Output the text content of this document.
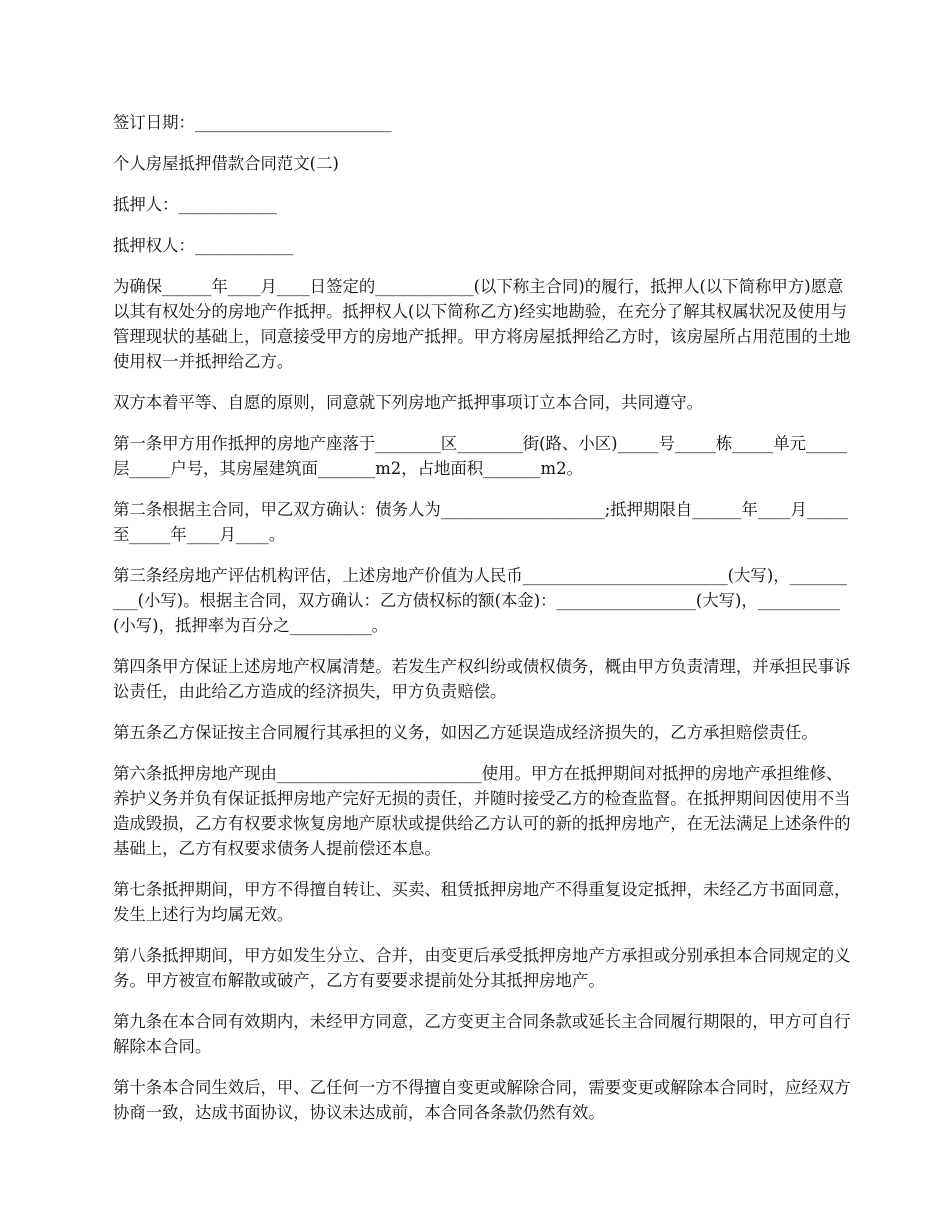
签订日期：________________________

个人房屋抵押借款合同范文(二)

抵押人：____________

抵押权人：____________

为确保______年____月____日签定的____________(以下称主合同)的履行，抵押人(以下简称甲方)愿意以其有权处分的房地产作抵押。抵押权人(以下简称乙方)经实地勘验，在充分了解其权属状况及使用与管理现状的基础上，同意接受甲方的房地产抵押。甲方将房屋抵押给乙方时，该房屋所占用范围的土地使用权一并抵押给乙方。

双方本着平等、自愿的原则，同意就下列房地产抵押事项订立本合同，共同遵守。

第一条甲方用作抵押的房地产座落于________区________街(路、小区)_____号_____栋_____单元_____层_____户号，其房屋建筑面_______m2，占地面积_______m2。

第二条根据主合同，甲乙双方确认：债务人为____________________;抵押期限自______年____月_____至_____年____月____。

第三条经房地产评估机构评估，上述房地产价值为人民币_________________________(大写)，__________(小写)。根据主合同，双方确认：乙方债权标的额(本金)：_________________(大写)，__________(小写)，抵押率为百分之__________。

第四条甲方保证上述房地产权属清楚。若发生产权纠纷或债权债务，概由甲方负责清理，并承担民事诉讼责任，由此给乙方造成的经济损失，甲方负责赔偿。

第五条乙方保证按主合同履行其承担的义务，如因乙方延误造成经济损失的，乙方承担赔偿责任。

第六条抵押房地产现由_________________________使用。甲方在抵押期间对抵押的房地产承担维修、养护义务并负有保证抵押房地产完好无损的责任，并随时接受乙方的检查监督。在抵押期间因使用不当造成毁损，乙方有权要求恢复房地产原状或提供给乙方认可的新的抵押房地产，在无法满足上述条件的基础上，乙方有权要求债务人提前偿还本息。

第七条抵押期间，甲方不得擅自转让、买卖、租赁抵押房地产不得重复设定抵押，未经乙方书面同意，发生上述行为均属无效。

第八条抵押期间，甲方如发生分立、合并，由变更后承受抵押房地产方承担或分别承担本合同规定的义务。甲方被宣布解散或破产，乙方有要要求提前处分其抵押房地产。

第九条在本合同有效期内，未经甲方同意，乙方变更主合同条款或延长主合同履行期限的，甲方可自行解除本合同。

第十条本合同生效后，甲、乙任何一方不得擅自变更或解除合同，需要变更或解除本合同时，应经双方协商一致，达成书面协议，协议未达成前，本合同各条款仍然有效。
